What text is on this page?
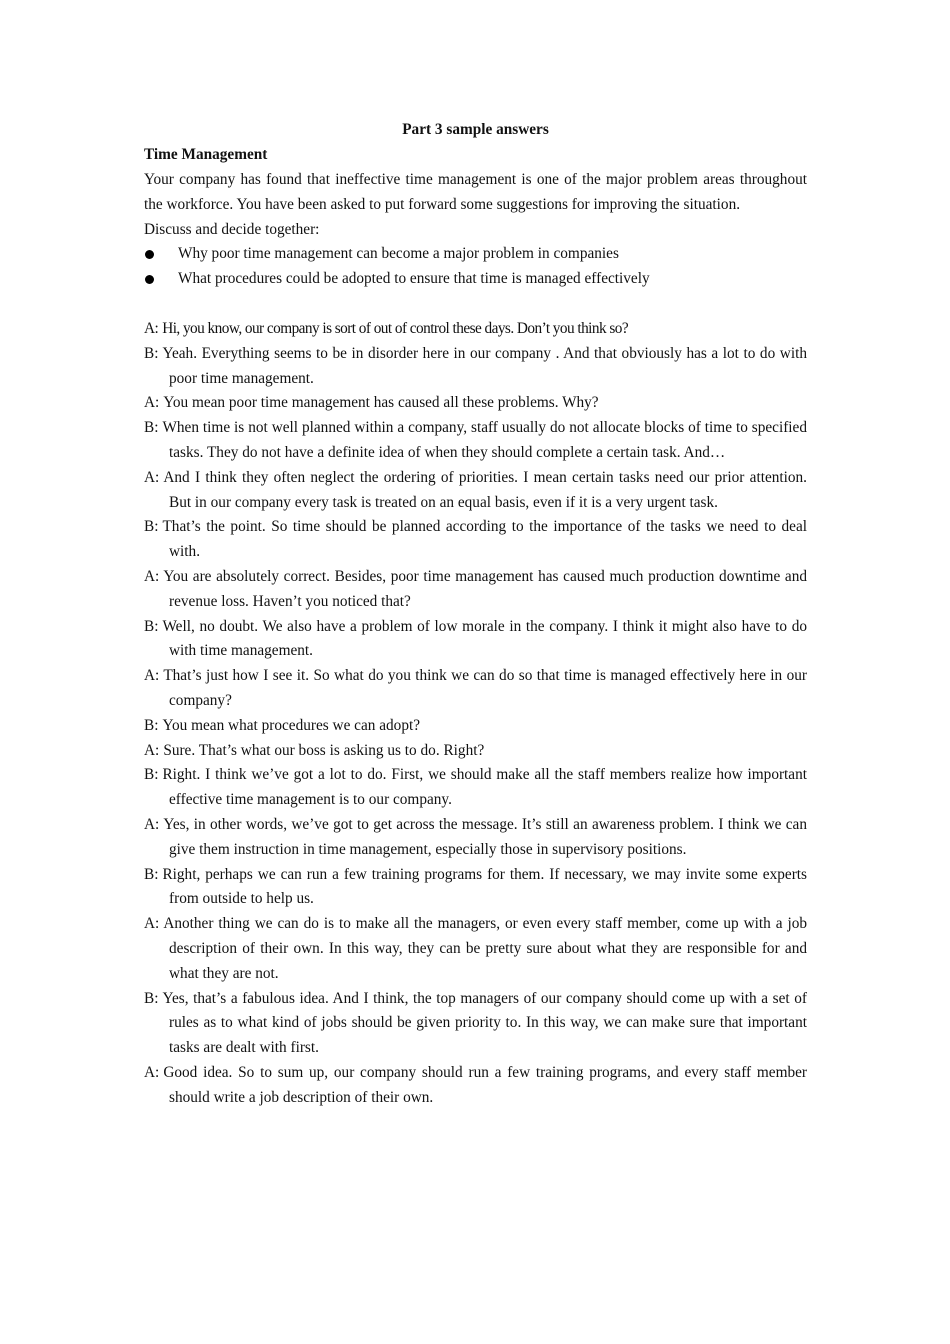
Part 3 sample answers

Time Management

Your company has found that ineffective time management is one of the major problem areas throughout the workforce. You have been asked to put forward some suggestions for improving the situation.

Discuss and decide together:

Why poor time management can become a major problem in companies
What procedures could be adopted to ensure that time is managed effectively

A: Hi, you know, our company is sort of out of control these days. Don’t you think so?

B: Yeah. Everything seems to be in disorder here in our company . And that obviously has a lot to do with poor time management.

A: You mean poor time management has caused all these problems. Why?

B: When time is not well planned within a company, staff usually do not allocate blocks of time to specified tasks. They do not have a definite idea of when they should complete a certain task. And…

A: And I think they often neglect the ordering of priorities. I mean certain tasks need our prior attention. But in our company every task is treated on an equal basis, even if it is a very urgent task.

B: That’s the point. So time should be planned according to the importance of the tasks we need to deal with.

A: You are absolutely correct. Besides, poor time management has caused much production downtime and revenue loss. Haven’t you noticed that?

B: Well, no doubt. We also have a problem of low morale in the company. I think it might also have to do with time management.

A: That’s just how I see it. So what do you think we can do so that time is managed effectively here in our company?

B: You mean what procedures we can adopt?

A: Sure. That’s what our boss is asking us to do. Right?

B: Right. I think we’ve got a lot to do. First, we should make all the staff members realize how important effective time management is to our company.

A: Yes, in other words, we’ve got to get across the message. It’s still an awareness problem. I think we can give them instruction in time management, especially those in supervisory positions.

B: Right, perhaps we can run a few training programs for them. If necessary, we may invite some experts from outside to help us.

A: Another thing we can do is to make all the managers, or even every staff member, come up with a job description of their own. In this way, they can be pretty sure about what they are responsible for and what they are not.

B: Yes, that’s a fabulous idea. And I think, the top managers of our company should come up with a set of rules as to what kind of jobs should be given priority to. In this way, we can make sure that important tasks are dealt with first.

A: Good idea. So to sum up, our company should run a few training programs, and every staff member should write a job description of their own.
